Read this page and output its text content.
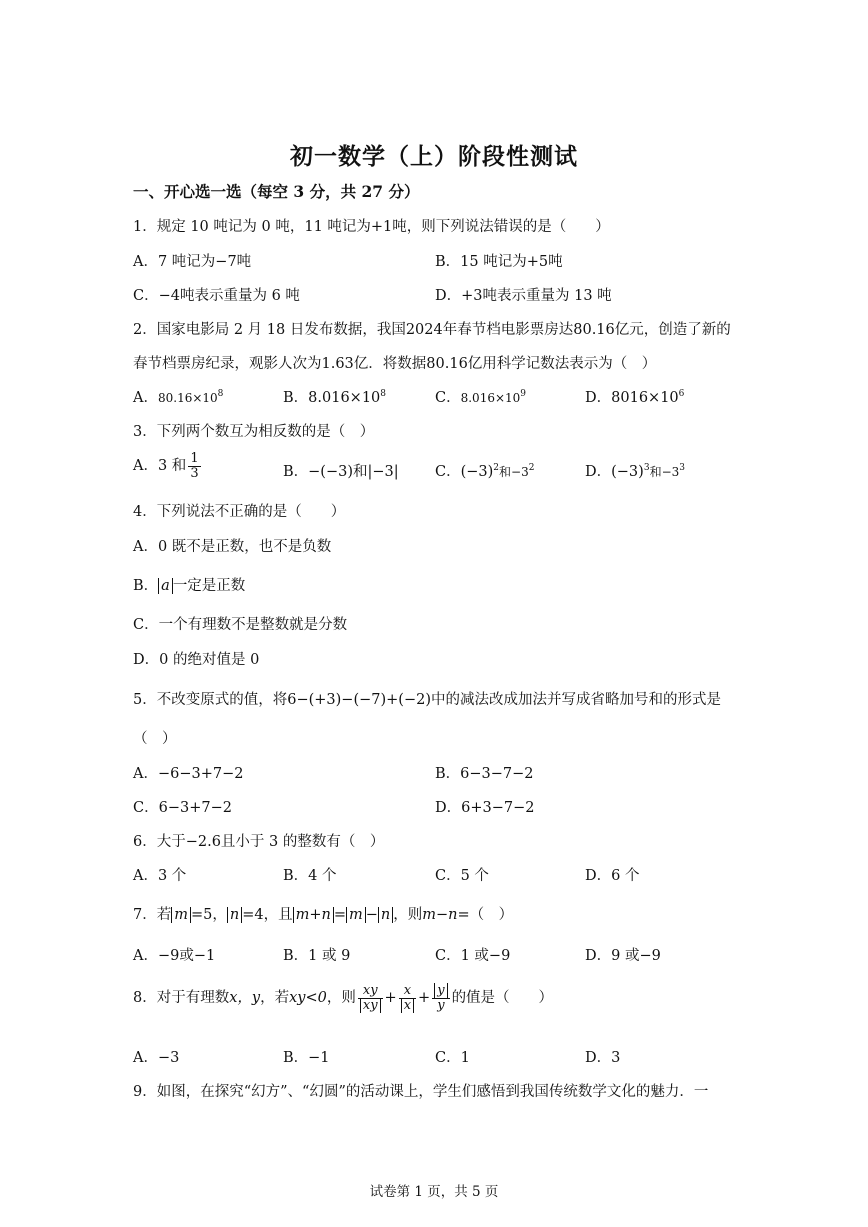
初一数学（上）阶段性测试
一、开心选一选（每空 3 分，共 27 分）
1．规定 10 吨记为 0 吨，11 吨记为+1吨，则下列说法错误的是（　　）
A．7 吨记为−7吨	B．15 吨记为+5吨
C．−4吨表示重量为 6 吨	D．+3吨表示重量为 13 吨
2．国家电影局 2 月 18 日发布数据，我国2024年春节档电影票房达80.16亿元，创造了新的
春节档票房纪录，观影人次为1.63亿．将数据80.16亿用科学记数法表示为（　）
A．$80.16\times 10^8$	B．$8.016\times 10^8$	C．$8.016\times 10^9$	D．$8016\times 10^6$
3．下列两个数互为相反数的是（　）
A．3 和 $\frac{1}{3}$	B．−(−3)和|−3|	C．$(-3)^2$和$-3^2$	D．$(-3)^3$和$-3^3$
4．下列说法不正确的是（　　）
A．0 既不是正数，也不是负数
B． a 一定是正数
C．一个有理数不是整数就是分数
D．0 的绝对值是 0
5．不改变原式的值，将6−(+3)−(−7)+(−2)中的减法改成加法并写成省略加号和的形式是
（　）
A．−6−3+7−2	B．6−3−7−2
C．6−3+7−2	D．6+3−7−2
6．大于−2.6且小于 3 的整数有（　）
A．3 个	B．4 个	C．5 个	D．6 个
7．若 m =5， n =4，且 m+n = m − n ，则m−n=（　）
A．−9或−1	B．1 或 9	C．1 或−9	D．9 或−9
8．对于有理数x，y，若xy<0，则 $\frac{xy}{xy} + \frac{x}{x} + \frac{y}{y}$ 的值是（　　）
A．−3	B．−1	C．1	D．3
9．如图，在探究“幻方”、“幻圆”的活动课上，学生们感悟到我国传统数学文化的魅力．一
试卷第 1 页，共 5 页
